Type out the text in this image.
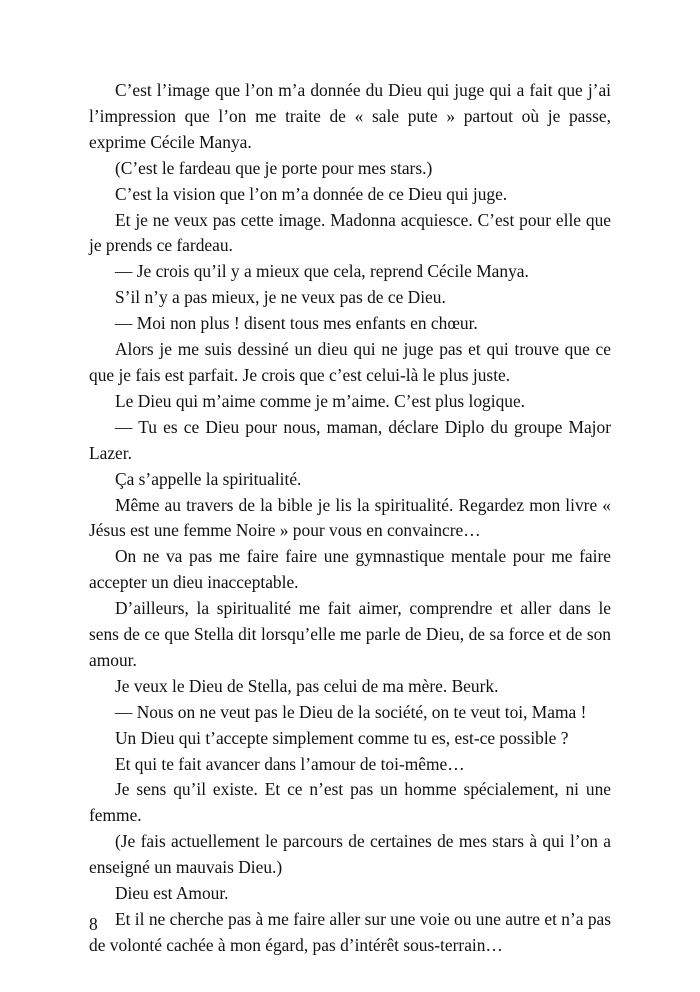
C’est l’image que l’on m’a donnée du Dieu qui juge qui a fait que j’ai l’impression que l’on me traite de « sale pute » partout où je passe, exprime Cécile Manya.

(C’est le fardeau que je porte pour mes stars.)

C’est la vision que l’on m’a donnée de ce Dieu qui juge.

Et je ne veux pas cette image. Madonna acquiesce. C’est pour elle que je prends ce fardeau.

— Je crois qu’il y a mieux que cela, reprend Cécile Manya.

S’il n’y a pas mieux, je ne veux pas de ce Dieu.

— Moi non plus ! disent tous mes enfants en chœur.

Alors je me suis dessiné un dieu qui ne juge pas et qui trouve que ce que je fais est parfait. Je crois que c’est celui-là le plus juste.

Le Dieu qui m’aime comme je m’aime. C’est plus logique.

— Tu es ce Dieu pour nous, maman, déclare Diplo du groupe Major Lazer.

Ça s’appelle la spiritualité.

Même au travers de la bible je lis la spiritualité. Regardez mon livre « Jésus est une femme Noire » pour vous en convaincre…

On ne va pas me faire faire une gymnastique mentale pour me faire accepter un dieu inacceptable.

D’ailleurs, la spiritualité me fait aimer, comprendre et aller dans le sens de ce que Stella dit lorsqu’elle me parle de Dieu, de sa force et de son amour.

Je veux le Dieu de Stella, pas celui de ma mère. Beurk.

— Nous on ne veut pas le Dieu de la société, on te veut toi, Mama !

Un Dieu qui t’accepte simplement comme tu es, est-ce possible ?

Et qui te fait avancer dans l’amour de toi-même…

Je sens qu’il existe. Et ce n’est pas un homme spécialement, ni une femme.

(Je fais actuellement le parcours de certaines de mes stars à qui l’on a enseigné un mauvais Dieu.)

Dieu est Amour.

Et il ne cherche pas à me faire aller sur une voie ou une autre et n’a pas de volonté cachée à mon égard, pas d’intérêt sous-terrain…

8
